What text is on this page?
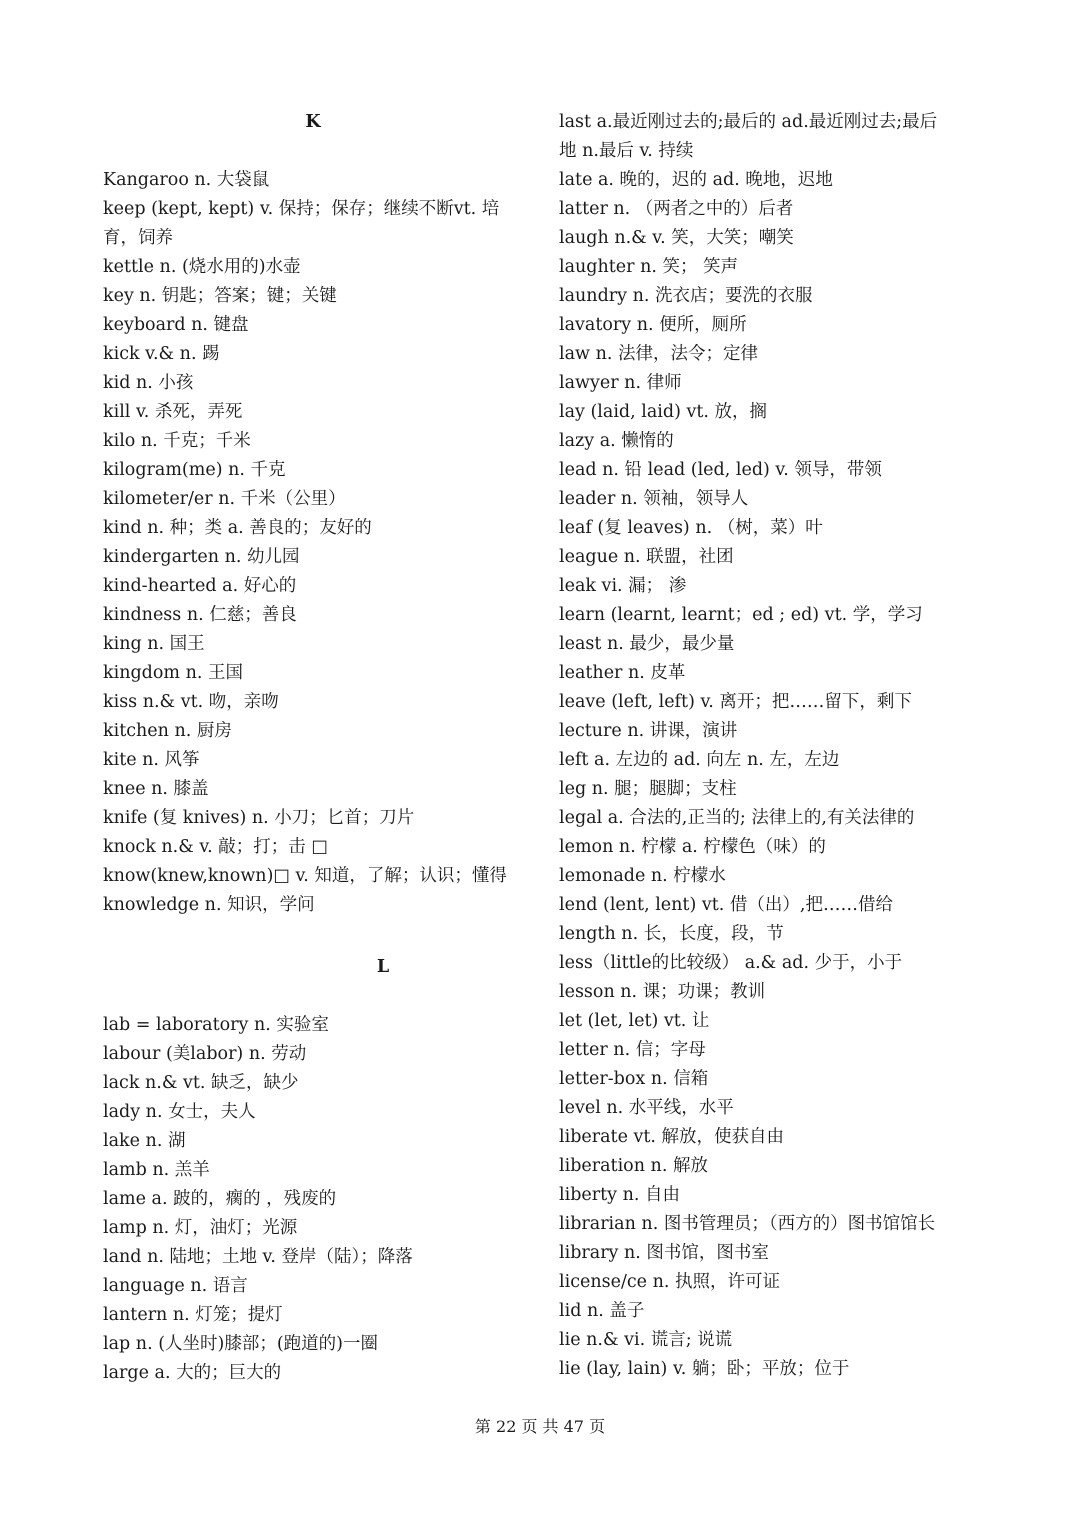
K
Kangaroo n. 大袋鼠
keep (kept, kept) v. 保持；保存；继续不断vt. 培
育，饲养
kettle n. (烧水用的)水壶
key n. 钥匙；答案；键；关键
keyboard n. 键盘
kick v.& n. 踢
kid n. 小孩
kill v. 杀死，弄死
kilo n. 千克；千米
kilogram(me) n. 千克
kilometer/er n. 千米（公里）
kind n. 种；类 a. 善良的；友好的
kindergarten n. 幼儿园
kind-hearted a. 好心的
kindness n. 仁慈；善良
king n. 国王
kingdom n. 王国
kiss n.& vt. 吻，亲吻
kitchen n. 厨房
kite n. 风筝
knee n. 膝盖
knife (复 knives) n. 小刀；匕首；刀片
knock n.& v. 敲；打；击 □
know(knew,known)□ v. 知道，了解；认识；懂得
knowledge n. 知识，学问
L
lab = laboratory n. 实验室
labour (美labor) n. 劳动
lack n.& vt. 缺乏，缺少
lady n. 女士，夫人
lake n. 湖
lamb n. 羔羊
lame a. 跛的，瘸的 ，残废的
lamp n. 灯，油灯；光源
land n. 陆地；土地 v. 登岸（陆）；降落
language n. 语言
lantern n. 灯笼；提灯
lap n. (人坐时)膝部；(跑道的)一圈
large a. 大的；巨大的
last a.最近刚过去的;最后的 ad.最近刚过去;最后
地 n.最后 v. 持续
late a. 晚的，迟的 ad. 晚地，迟地
latter n. （两者之中的）后者
laugh n.& v. 笑，大笑；嘲笑
laughter n. 笑； 笑声
laundry n. 洗衣店；要洗的衣服
lavatory n. 便所，厕所
law n. 法律，法令；定律
lawyer n. 律师
lay (laid, laid) vt. 放，搁
lazy a. 懒惰的
lead n. 铅 lead (led, led) v. 领导，带领
leader n. 领袖，领导人
leaf (复 leaves) n. （树，菜）叶
league n. 联盟，社团
leak vi. 漏； 渗
learn (learnt, learnt；ed ; ed) vt. 学，学习
least n. 最少，最少量
leather n. 皮革
leave (left, left) v. 离开；把……留下，剩下
lecture n. 讲课，演讲
left a. 左边的 ad. 向左 n. 左，左边
leg n. 腿；腿脚；支柱
legal a. 合法的,正当的; 法律上的,有关法律的
lemon n. 柠檬 a. 柠檬色（味）的
lemonade n. 柠檬水
lend (lent, lent) vt. 借（出）,把……借给
length n. 长，长度，段，节
less（little的比较级） a.& ad. 少于，小于
lesson n. 课；功课；教训
let (let, let) vt. 让
letter n. 信；字母
letter-box n. 信箱
level n. 水平线，水平
liberate vt. 解放，使获自由
liberation n. 解放
liberty n. 自由
librarian n. 图书管理员；（西方的）图书馆馆长
library n. 图书馆，图书室
license/ce n. 执照，许可证
lid n. 盖子
lie n.& vi. 谎言; 说谎
lie (lay, lain) v. 躺；卧；平放；位于
第 22 页 共 47 页
